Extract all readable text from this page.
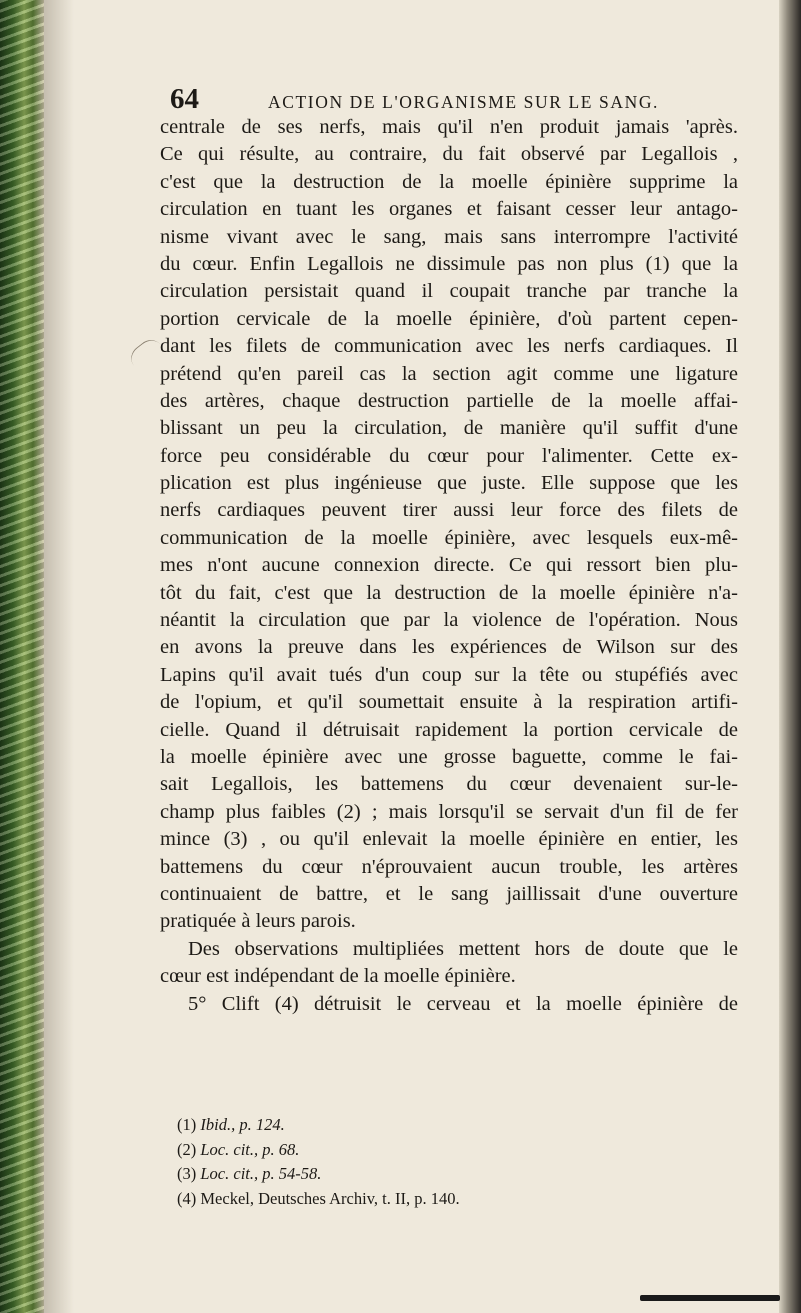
64	ACTION DE L'ORGANISME SUR LE SANG.
centrale de ses nerfs, mais qu'il n'en produit jamais 'après.
Ce qui résulte, au contraire, du fait observé par Legallois ,
c'est que la destruction de la moelle épinière supprime la
circulation en tuant les organes et faisant cesser leur antago-
nisme vivant avec le sang, mais sans interrompre l'activité
du cœur. Enfin Legallois ne dissimule pas non plus (1) que la
circulation persistait quand il coupait tranche par tranche la
portion cervicale de la moelle épinière, d'où partent cepen-
dant les filets de communication avec les nerfs cardiaques. Il
prétend qu'en pareil cas la section agit comme une ligature
des artères, chaque destruction partielle de la moelle affai-
blissant un peu la circulation, de manière qu'il suffit d'une
force peu considérable du cœur pour l'alimenter. Cette ex-
plication est plus ingénieuse que juste. Elle suppose que les
nerfs cardiaques peuvent tirer aussi leur force des filets de
communication de la moelle épinière, avec lesquels eux-mê-
mes n'ont aucune connexion directe. Ce qui ressort bien plu-
tôt du fait, c'est que la destruction de la moelle épinière n'a-
néantit la circulation que par la violence de l'opération. Nous
en avons la preuve dans les expériences de Wilson sur des
Lapins qu'il avait tués d'un coup sur la tête ou stupéfiés avec
de l'opium, et qu'il soumettait ensuite à la respiration artifi-
cielle. Quand il détruisait rapidement la portion cervicale de
la moelle épinière avec une grosse baguette, comme le fai-
sait Legallois, les battemens du cœur devenaient sur-le-
champ plus faibles (2) ; mais lorsqu'il se servait d'un fil de fer
mince (3) , ou qu'il enlevait la moelle épinière en entier, les
battemens du cœur n'éprouvaient aucun trouble, les artères
continuaient de battre, et le sang jaillissait d'une ouverture
pratiquée à leurs parois.
Des observations multipliées mettent hors de doute que le
cœur est indépendant de la moelle épinière.
5° Clift (4) détruisit le cerveau et la moelle épinière de
(1) Ibid., p. 124.
(2) Loc. cit., p. 68.
(3) Loc. cit., p. 54-58.
(4) Meckel, Deutsches Archiv, t. II, p. 140.
